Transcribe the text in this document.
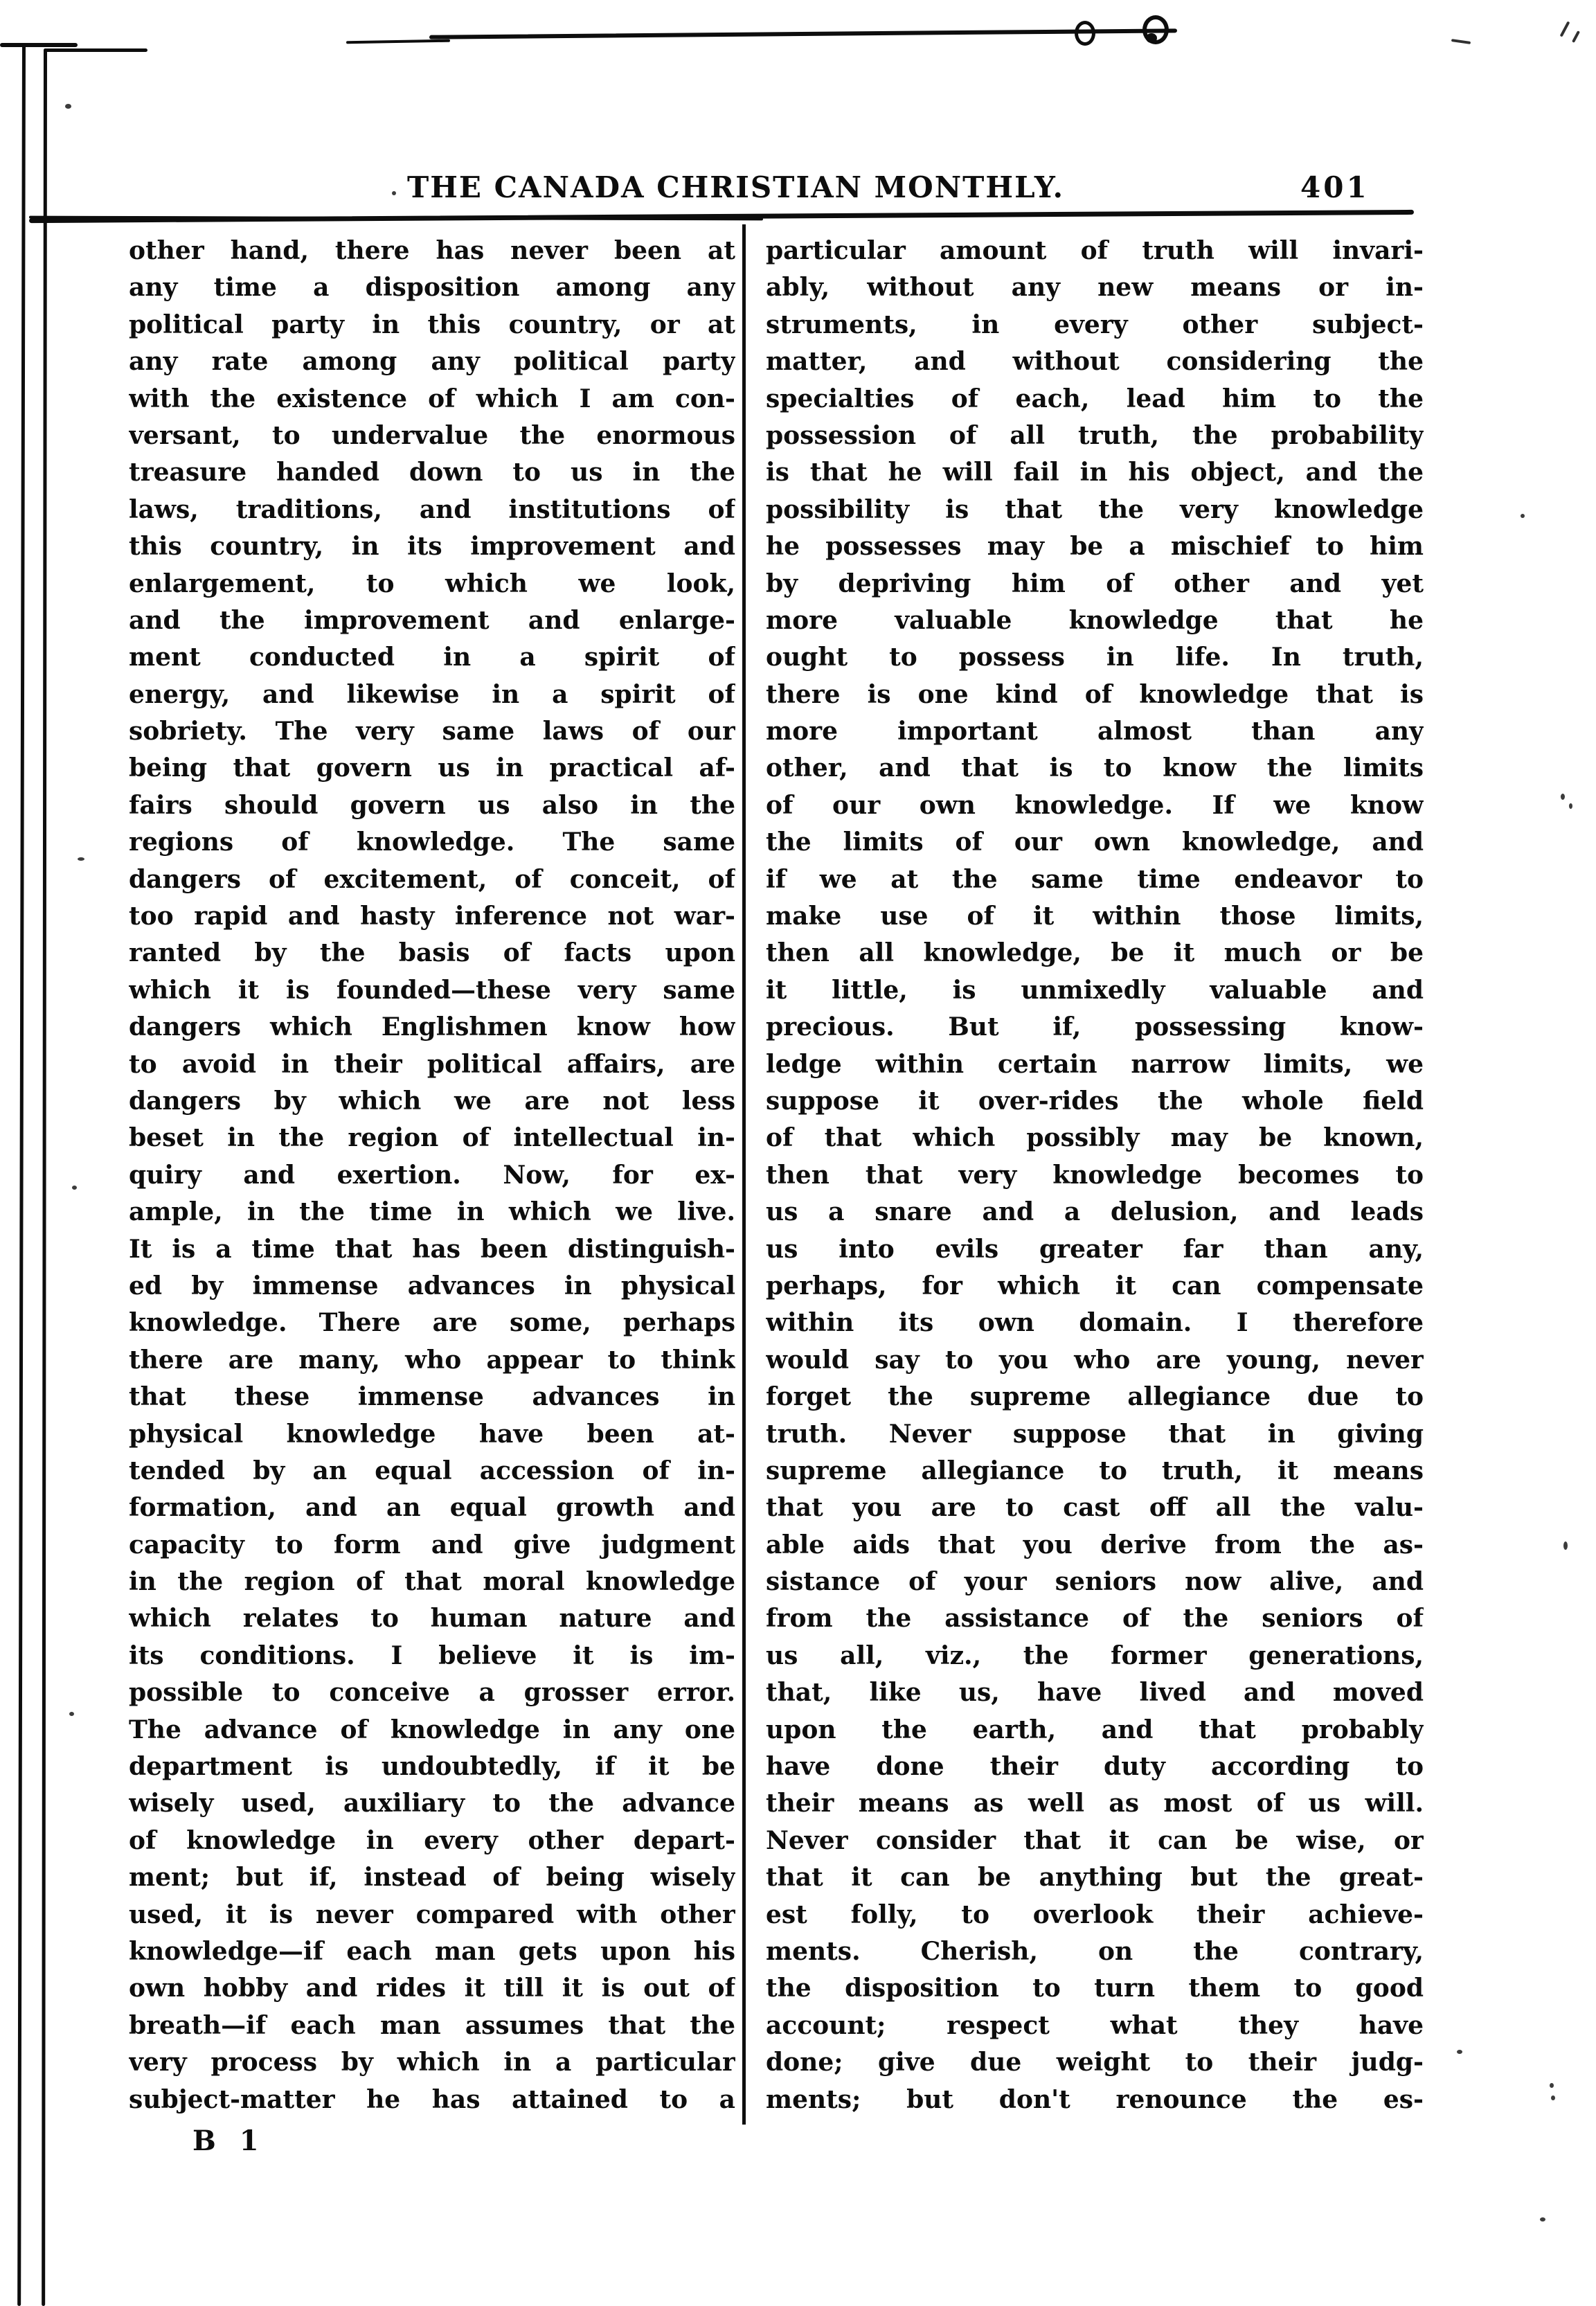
THE CANADA CHRISTIAN MONTHLY.	401
other hand, there has never been at
any time a disposition among any
political party in this country, or at
any rate among any political party
with the existence of which I am con-
versant, to undervalue the enormous
treasure handed down to us in the
laws, traditions, and institutions of
this country, in its improvement and
enlargement, to which we look,
and the improvement and enlarge-
ment conducted in a spirit of
energy, and likewise in a spirit of
sobriety. The very same laws of our
being that govern us in practical af-
fairs should govern us also in the
regions of knowledge. The same
dangers of excitement, of conceit, of
too rapid and hasty inference not war-
ranted by the basis of facts upon
which it is founded—these very same
dangers which Englishmen know how
to avoid in their political affairs, are
dangers by which we are not less
beset in the region of intellectual in-
quiry and exertion. Now, for ex-
ample, in the time in which we live.
It is a time that has been distinguish-
ed by immense advances in physical
knowledge. There are some, perhaps
there are many, who appear to think
that these immense advances in
physical knowledge have been at-
tended by an equal accession of in-
formation, and an equal growth and
capacity to form and give judgment
in the region of that moral knowledge
which relates to human nature and
its conditions. I believe it is im-
possible to conceive a grosser error.
The advance of knowledge in any one
department is undoubtedly, if it be
wisely used, auxiliary to the advance
of knowledge in every other depart-
ment; but if, instead of being wisely
used, it is never compared with other
knowledge—if each man gets upon his
own hobby and rides it till it is out of
breath—if each man assumes that the
very process by which in a particular
subject-matter he has attained to a
particular amount of truth will invari-
ably, without any new means or in-
struments, in every other subject-
matter, and without considering the
specialties of each, lead him to the
possession of all truth, the probability
is that he will fail in his object, and the
possibility is that the very knowledge
he possesses may be a mischief to him
by depriving him of other and yet
more valuable knowledge that he
ought to possess in life. In truth,
there is one kind of knowledge that is
more important almost than any
other, and that is to know the limits
of our own knowledge. If we know
the limits of our own knowledge, and
if we at the same time endeavor to
make use of it within those limits,
then all knowledge, be it much or be
it little, is unmixedly valuable and
precious. But if, possessing know-
ledge within certain narrow limits, we
suppose it over-rides the whole field
of that which possibly may be known,
then that very knowledge becomes to
us a snare and a delusion, and leads
us into evils greater far than any,
perhaps, for which it can compensate
within its own domain. I therefore
would say to you who are young, never
forget the supreme allegiance due to
truth. Never suppose that in giving
supreme allegiance to truth, it means
that you are to cast off all the valu-
able aids that you derive from the as-
sistance of your seniors now alive, and
from the assistance of the seniors of
us all, viz., the former generations,
that, like us, have lived and moved
upon the earth, and that probably
have done their duty according to
their means as well as most of us will.
Never consider that it can be wise, or
that it can be anything but the great-
est folly, to overlook their achieve-
ments. Cherish, on the contrary,
the disposition to turn them to good
account; respect what they have
done; give due weight to their judg-
ments; but don't renounce the es-
B 1
